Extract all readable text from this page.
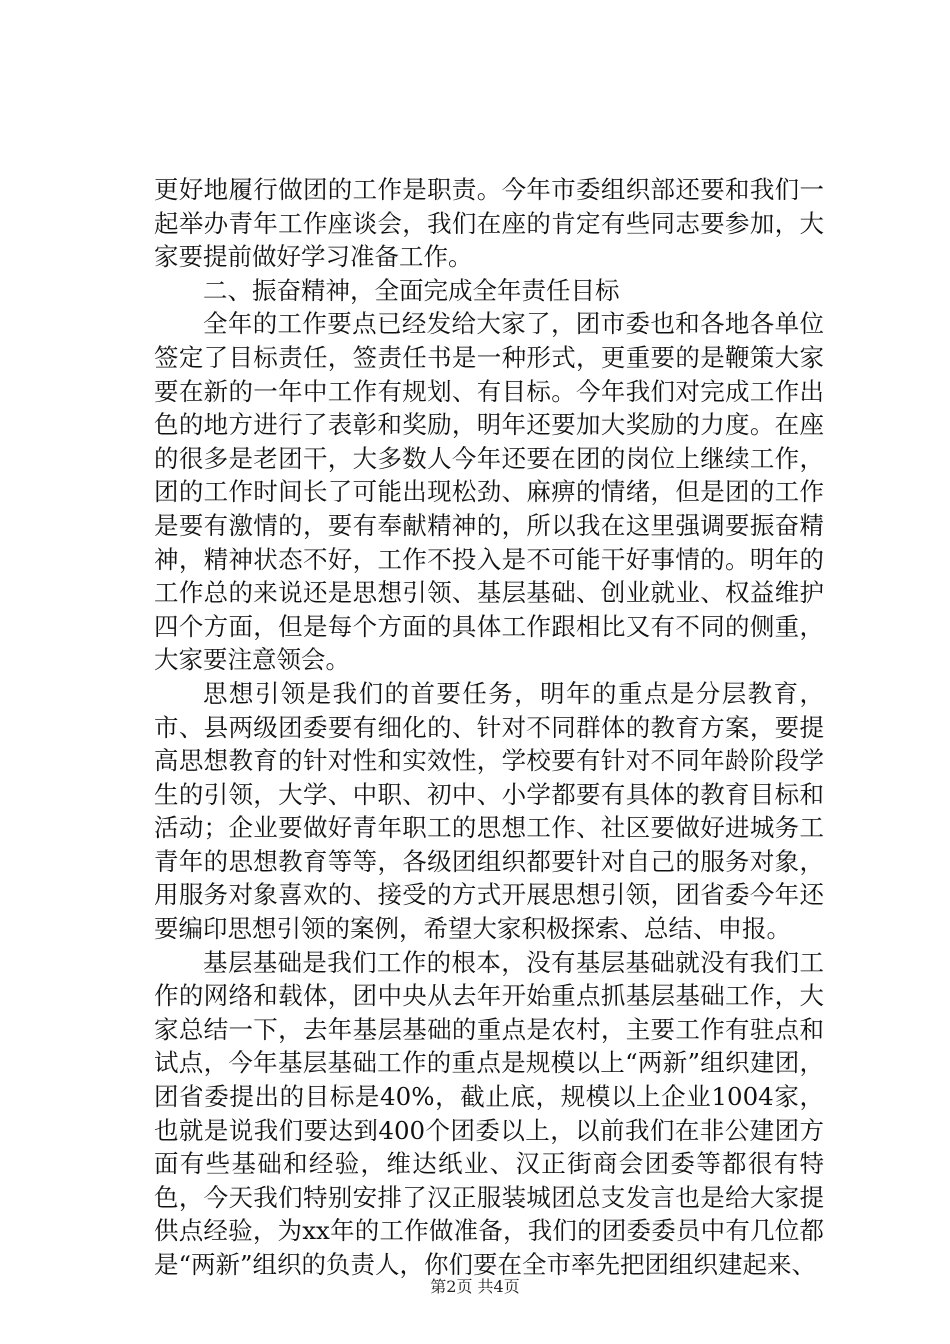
更好地履行做团的工作是职责。今年市委组织部还要和我们一起举办青年工作座谈会，我们在座的肯定有些同志要参加，大家要提前做好学习准备工作。

二、振奋精神，全面完成全年责任目标

全年的工作要点已经发给大家了，团市委也和各地各单位签定了目标责任，签责任书是一种形式，更重要的是鞭策大家要在新的一年中工作有规划、有目标。今年我们对完成工作出色的地方进行了表彰和奖励，明年还要加大奖励的力度。在座的很多是老团干，大多数人今年还要在团的岗位上继续工作，团的工作时间长了可能出现松劲、麻痹的情绪，但是团的工作是要有激情的，要有奉献精神的，所以我在这里强调要振奋精神，精神状态不好，工作不投入是不可能干好事情的。明年的工作总的来说还是思想引领、基层基础、创业就业、权益维护四个方面，但是每个方面的具体工作跟相比又有不同的侧重，大家要注意领会。

思想引领是我们的首要任务，明年的重点是分层教育，市、县两级团委要有细化的、针对不同群体的教育方案，要提高思想教育的针对性和实效性，学校要有针对不同年龄阶段学生的引领，大学、中职、初中、小学都要有具体的教育目标和活动；企业要做好青年职工的思想工作、社区要做好进城务工青年的思想教育等等，各级团组织都要针对自己的服务对象，用服务对象喜欢的、接受的方式开展思想引领，团省委今年还要编印思想引领的案例，希望大家积极探索、总结、申报。

基层基础是我们工作的根本，没有基层基础就没有我们工作的网络和载体，团中央从去年开始重点抓基层基础工作，大家总结一下，去年基层基础的重点是农村，主要工作有驻点和试点，今年基层基础工作的重点是规模以上“两新”组织建团，团省委提出的目标是40%，截止底，规模以上企业1004家，也就是说我们要达到400个团委以上，以前我们在非公建团方面有些基础和经验，维达纸业、汉正街商会团委等都很有特色，今天我们特别安排了汉正服装城团总支发言也是给大家提供点经验，为xx年的工作做准备，我们的团委委员中有几位都是“两新”组织的负责人，你们要在全市率先把团组织建起来、

第2页 共4页
